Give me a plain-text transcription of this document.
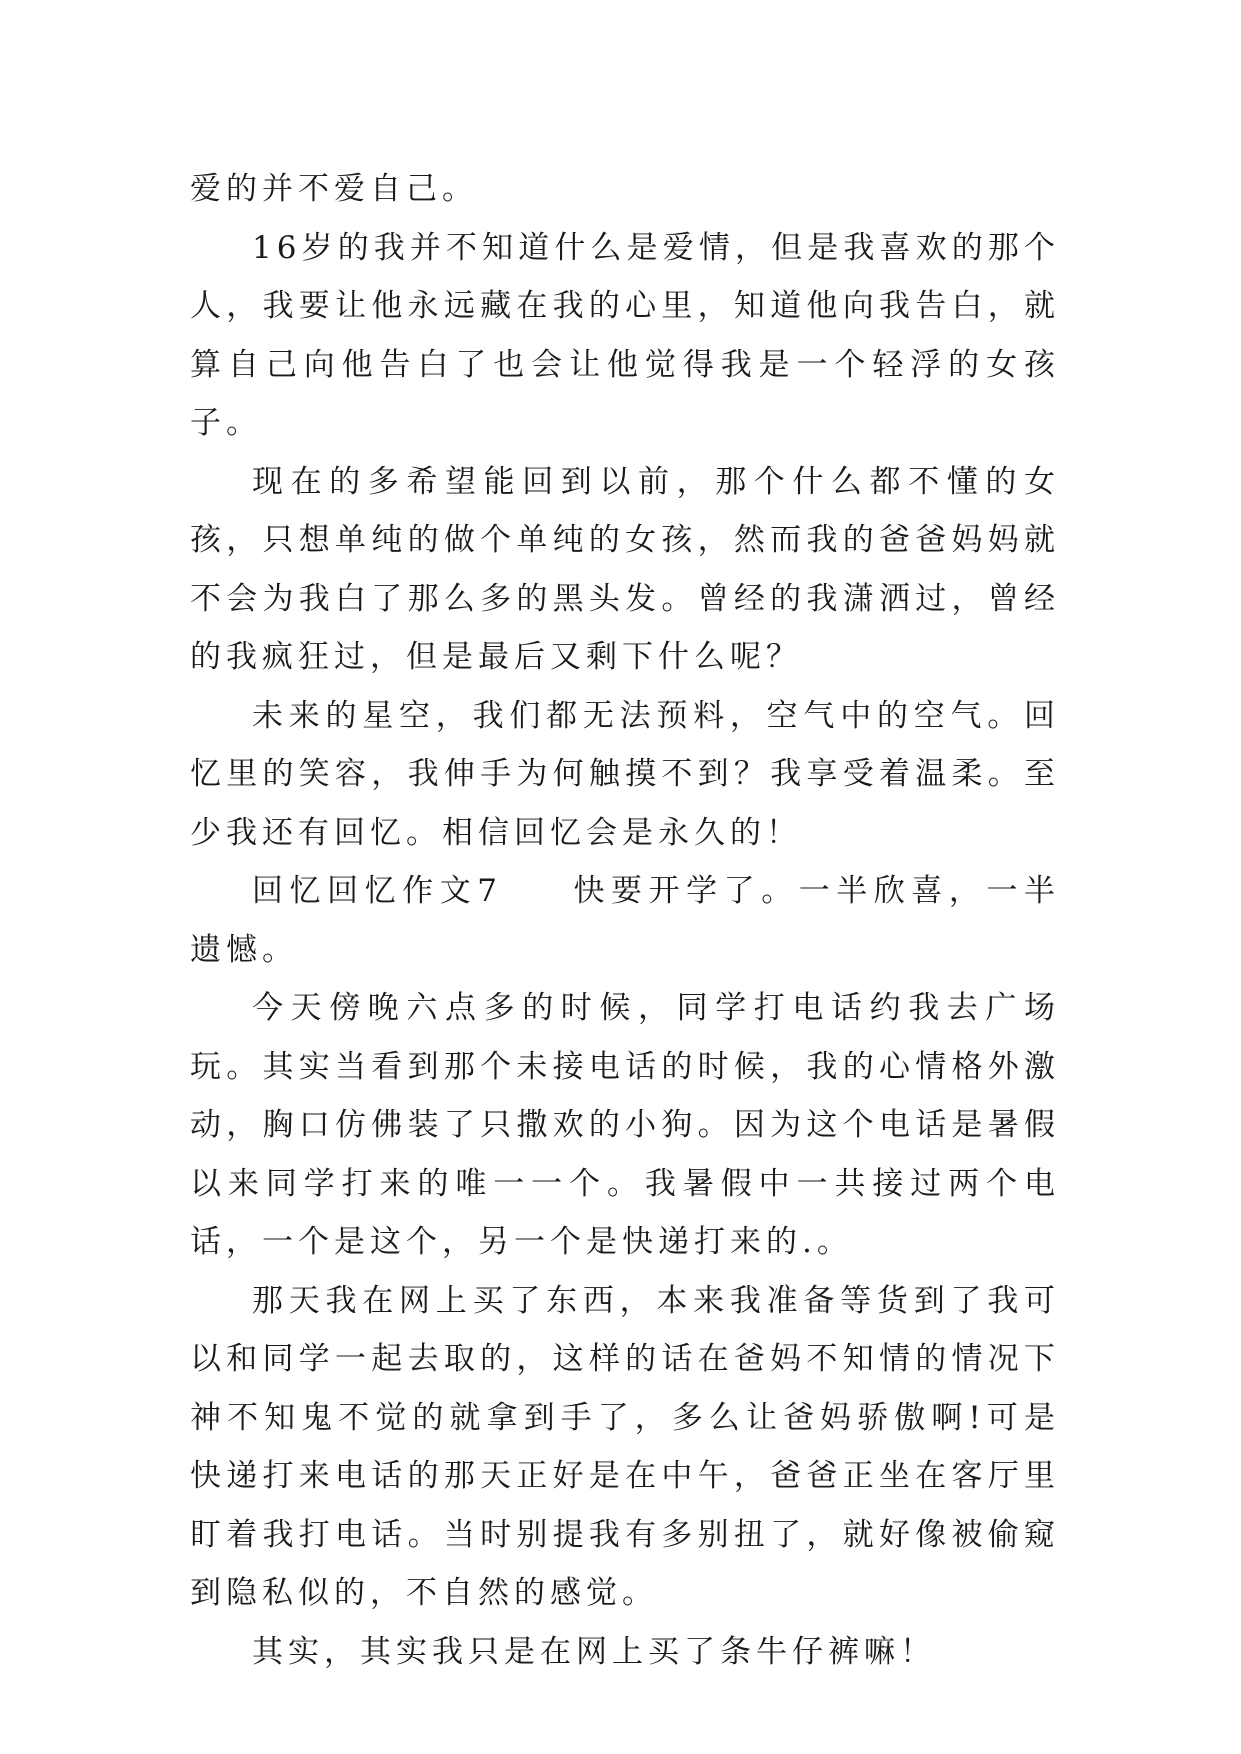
爱的并不爱自己。

16岁的我并不知道什么是爱情，但是我喜欢的那个人，我要让他永远藏在我的心里，知道他向我告白，就算自己向他告白了也会让他觉得我是一个轻浮的女孩子。

现在的多希望能回到以前，那个什么都不懂的女孩，只想单纯的做个单纯的女孩，然而我的爸爸妈妈就不会为我白了那么多的黑头发。曾经的我潇洒过，曾经的我疯狂过，但是最后又剩下什么呢？

未来的星空，我们都无法预料，空气中的空气。回忆里的笑容，我伸手为何触摸不到？我享受着温柔。至少我还有回忆。相信回忆会是永久的！

回忆回忆作文7 快要开学了。一半欣喜，一半遗憾。

今天傍晚六点多的时候，同学打电话约我去广场玩。其实当看到那个未接电话的时候，我的心情格外激动，胸口仿佛装了只撒欢的小狗。因为这个电话是暑假以来同学打来的唯一一个。我暑假中一共接过两个电话，一个是这个，另一个是快递打来的.。

那天我在网上买了东西，本来我准备等货到了我可以和同学一起去取的，这样的话在爸妈不知情的情况下神不知鬼不觉的就拿到手了，多么让爸妈骄傲啊!可是快递打来电话的那天正好是在中午，爸爸正坐在客厅里盯着我打电话。当时别提我有多别扭了，就好像被偷窥到隐私似的，不自然的感觉。

其实，其实我只是在网上买了条牛仔裤嘛！
